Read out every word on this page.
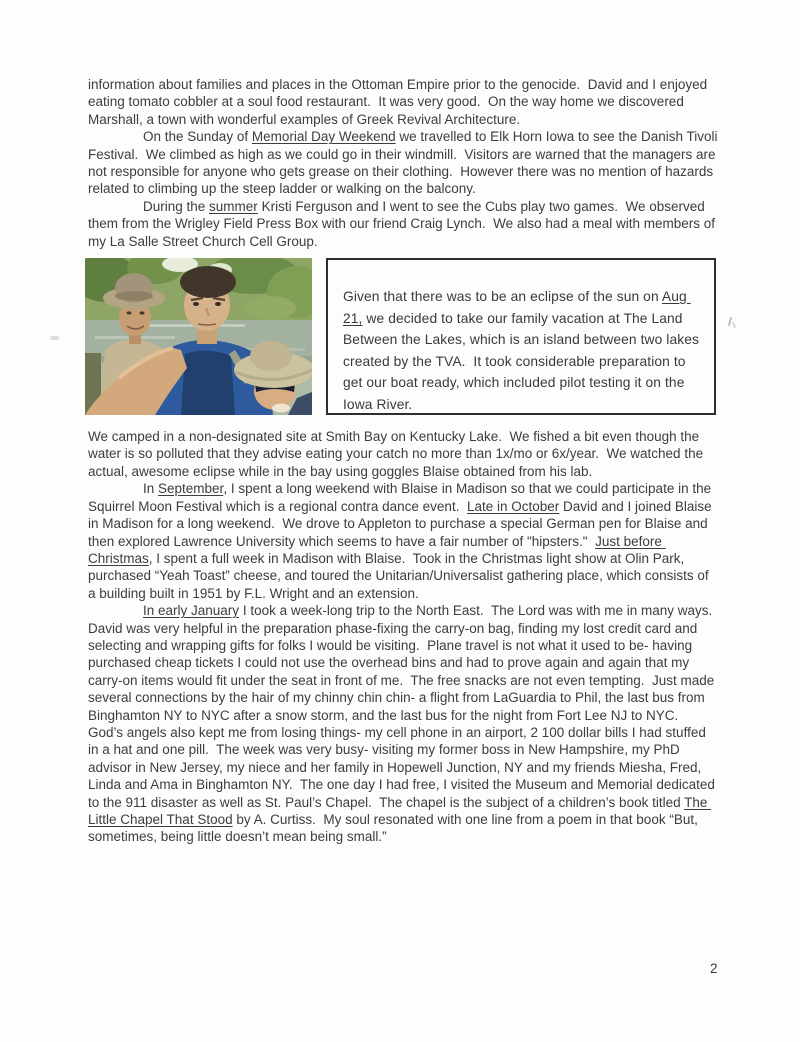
information about families and places in the Ottoman Empire prior to the genocide.  David and I enjoyed eating tomato cobbler at a soul food restaurant.  It was very good.  On the way home we discovered Marshall, a town with wonderful examples of Greek Revival Architecture.

On the Sunday of Memorial Day Weekend we travelled to Elk Horn Iowa to see the Danish Tivoli Festival.  We climbed as high as we could go in their windmill.  Visitors are warned that the managers are not responsible for anyone who gets grease on their clothing.  However there was no mention of hazards related to climbing up the steep ladder or walking on the balcony.

During the summer Kristi Ferguson and I went to see the Cubs play two games.  We observed them from the Wrigley Field Press Box with our friend Craig Lynch.  We also had a meal with members of my La Salle Street Church Cell Group.

Given that there was to be an eclipse of the sun on Aug 21, we decided to take our family vacation at The Land Between the Lakes, which is an island between two lakes created by the TVA.  It took considerable preparation to get our boat ready, which included pilot testing it on the Iowa River.

We camped in a non-designated site at Smith Bay on Kentucky Lake.  We fished a bit even though the water is so polluted that they advise eating your catch no more than 1x/mo or 6x/year.  We watched the actual, awesome eclipse while in the bay using goggles Blaise obtained from his lab.

In September, I spent a long weekend with Blaise in Madison so that we could participate in the Squirrel Moon Festival which is a regional contra dance event.  Late in October David and I joined Blaise in Madison for a long weekend.  We drove to Appleton to purchase a special German pen for Blaise and then explored Lawrence University which seems to have a fair number of "hipsters."  Just before Christmas, I spent a full week in Madison with Blaise.  Took in the Christmas light show at Olin Park, purchased “Yeah Toast” cheese, and toured the Unitarian/Universalist gathering place, which consists of a building built in 1951 by F.L. Wright and an extension.

In early January I took a week-long trip to the North East.  The Lord was with me in many ways.  David was very helpful in the preparation phase-fixing the carry-on bag, finding my lost credit card and selecting and wrapping gifts for folks I would be visiting.  Plane travel is not what it used to be- having purchased cheap tickets I could not use the overhead bins and had to prove again and again that my carry-on items would fit under the seat in front of me.  The free snacks are not even tempting.  Just made several connections by the hair of my chinny chin chin- a flight from LaGuardia to Phil, the last bus from Binghamton NY to NYC after a snow storm, and the last bus for the night from Fort Lee NJ to NYC.  God’s angels also kept me from losing things- my cell phone in an airport, 2 100 dollar bills I had stuffed in a hat and one pill.  The week was very busy- visiting my former boss in New Hampshire, my PhD advisor in New Jersey, my niece and her family in Hopewell Junction, NY and my friends Miesha, Fred, Linda and Ama in Binghamton NY.  The one day I had free, I visited the Museum and Memorial dedicated to the 911 disaster as well as St. Paul’s Chapel.  The chapel is the subject of a children’s book titled The Little Chapel That Stood by A. Curtiss.  My soul resonated with one line from a poem in that book “But, sometimes, being little doesn’t mean being small.”

2
